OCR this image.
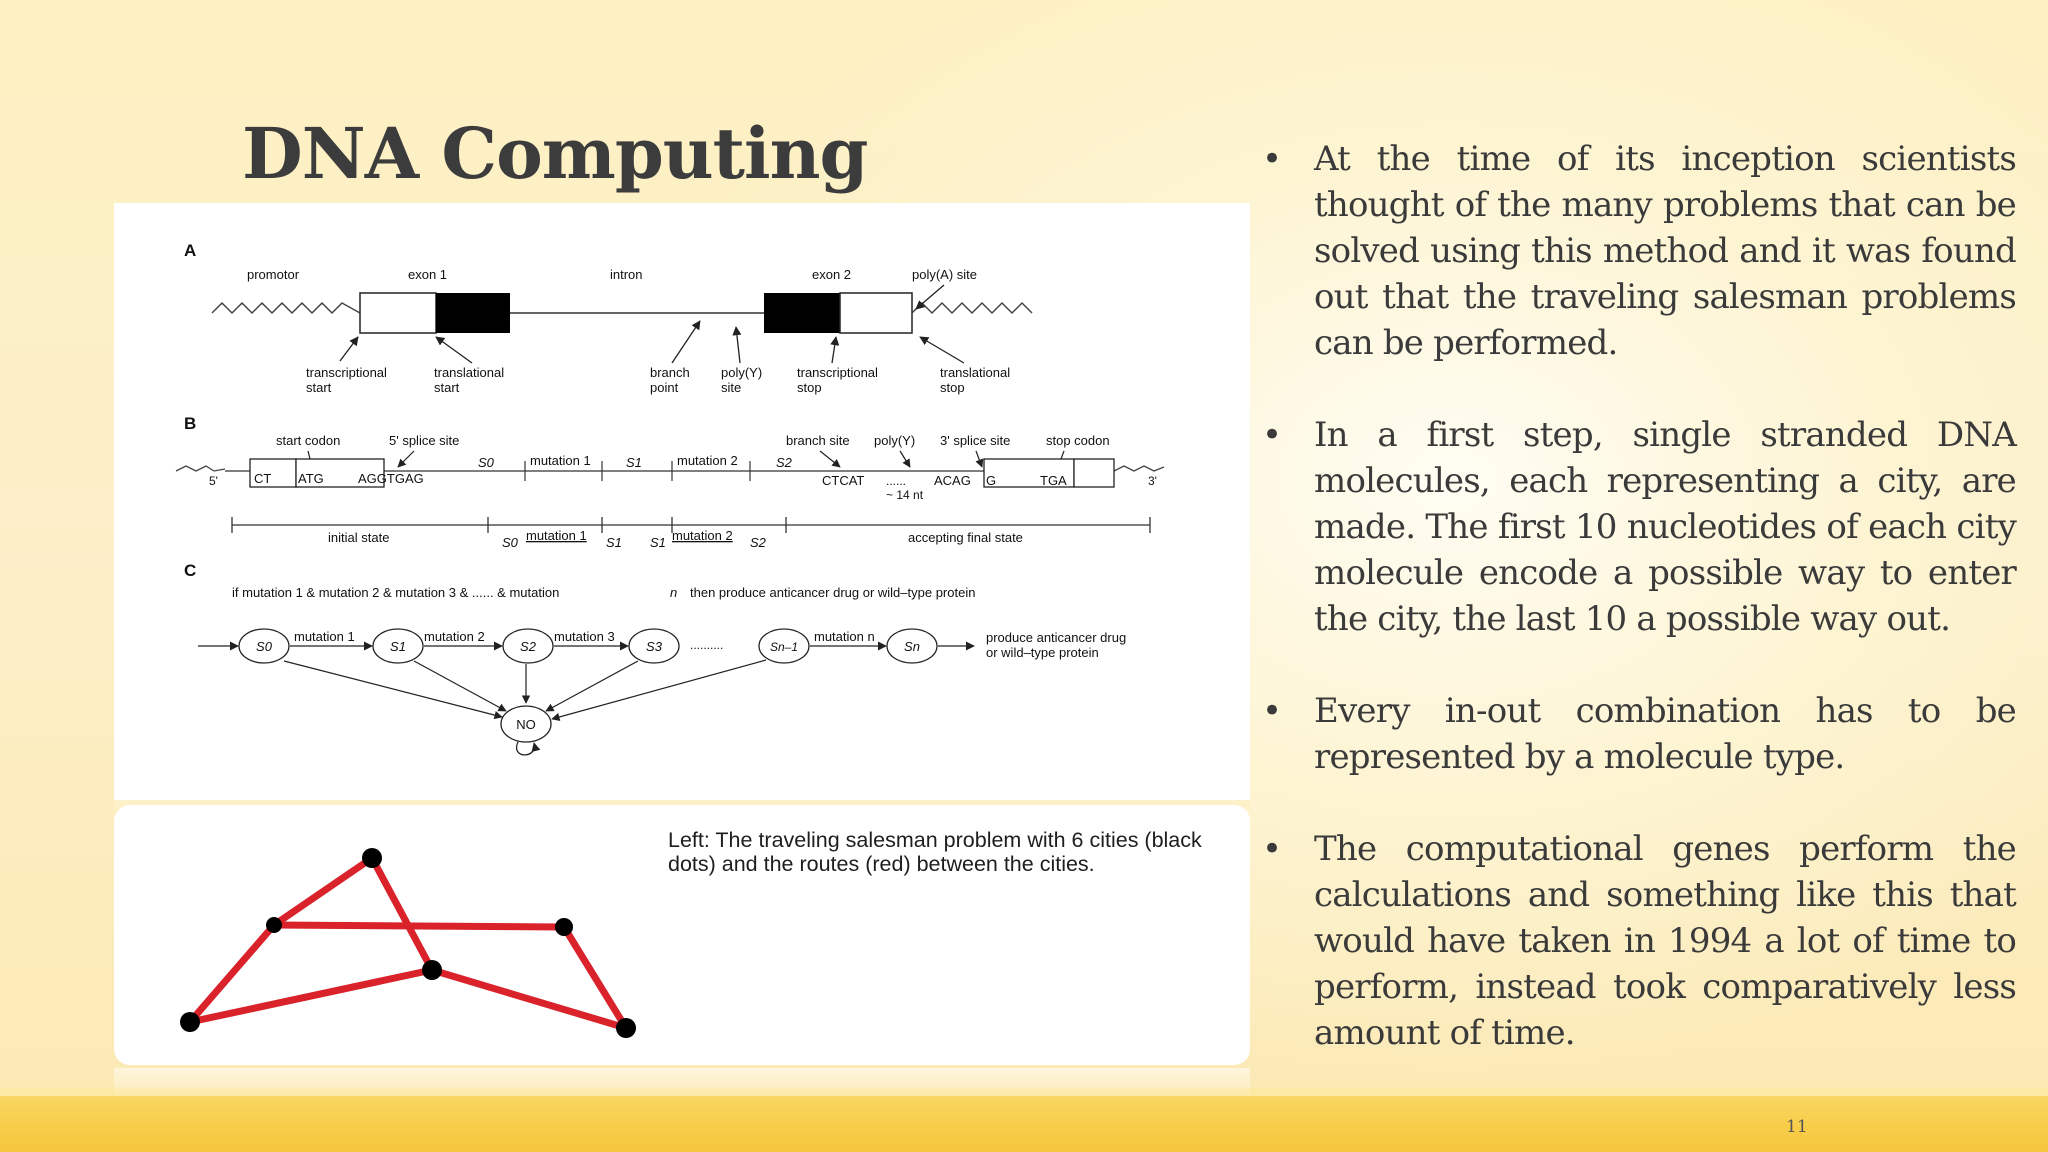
DNA Computing
A
promotor	exon 1	intron	exon 2	poly(A) site
transcriptional
start
translational
start
branch
point
poly(Y)
site
transcriptional
stop
translational
stop
B
start codon	5' splice site	branch site poly(Y) 3' splice site	stop codon
5'	3'
CT ATG	AGGTGAG
S0	mutation 1	S1	mutation 2	S2
CTCAT ...... ACAG G	TGA
~ 14 nt
initial state	S0 mutation 1 S1 S1 mutation 2 S2	accepting final state
C
if mutation 1 & mutation 2 & mutation 3 & ...... & mutation	n then produce anticancer drug or wild–type protein
S0
mutation 1
S1
mutation 2
S2
mutation 3
S3 ..........	Sn–1
mutation n
Sn
produce anticancer drug
or wild–type protein
NO

Left: The traveling salesman problem with 6 cities (black dots) and the routes (red) between the cities.

• At the time of its inception scientists thought of the many problems that can be solved using this method and it was found out that the traveling salesman problems can be performed.
• In a first step, single stranded DNA molecules, each representing a city, are made. The first 10 nucleotides of each city molecule encode a possible way to enter the city, the last 10 a possible way out.
• Every in-out combination has to be represented by a molecule type.
• The computational genes perform the calculations and something like this that would have taken in 1994 a lot of time to perform, instead took comparatively less amount of time.
11
